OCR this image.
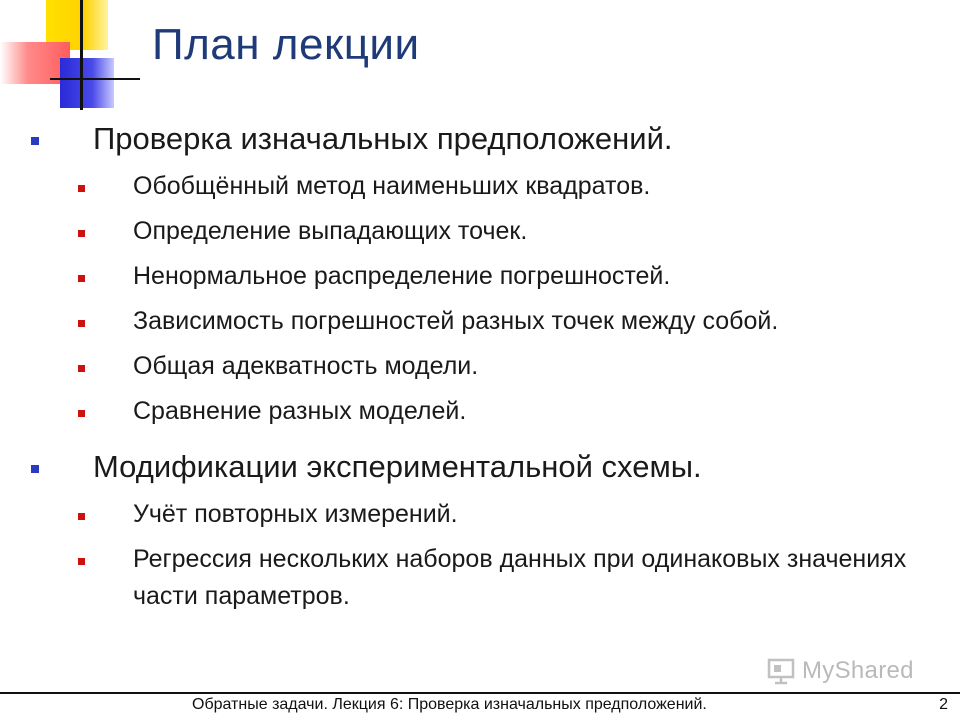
План лекции
Проверка изначальных предположений.
Обобщённый метод наименьших квадратов.
Определение выпадающих точек.
Ненормальное распределение погрешностей.
Зависимость погрешностей разных точек между собой.
Общая адекватность модели.
Сравнение разных моделей.
Модификации экспериментальной схемы.
Учёт повторных измерений.
Регрессия нескольких наборов данных при одинаковых значениях части параметров.
MyShared
Обратные задачи. Лекция 6: Проверка изначальных предположений.	2
